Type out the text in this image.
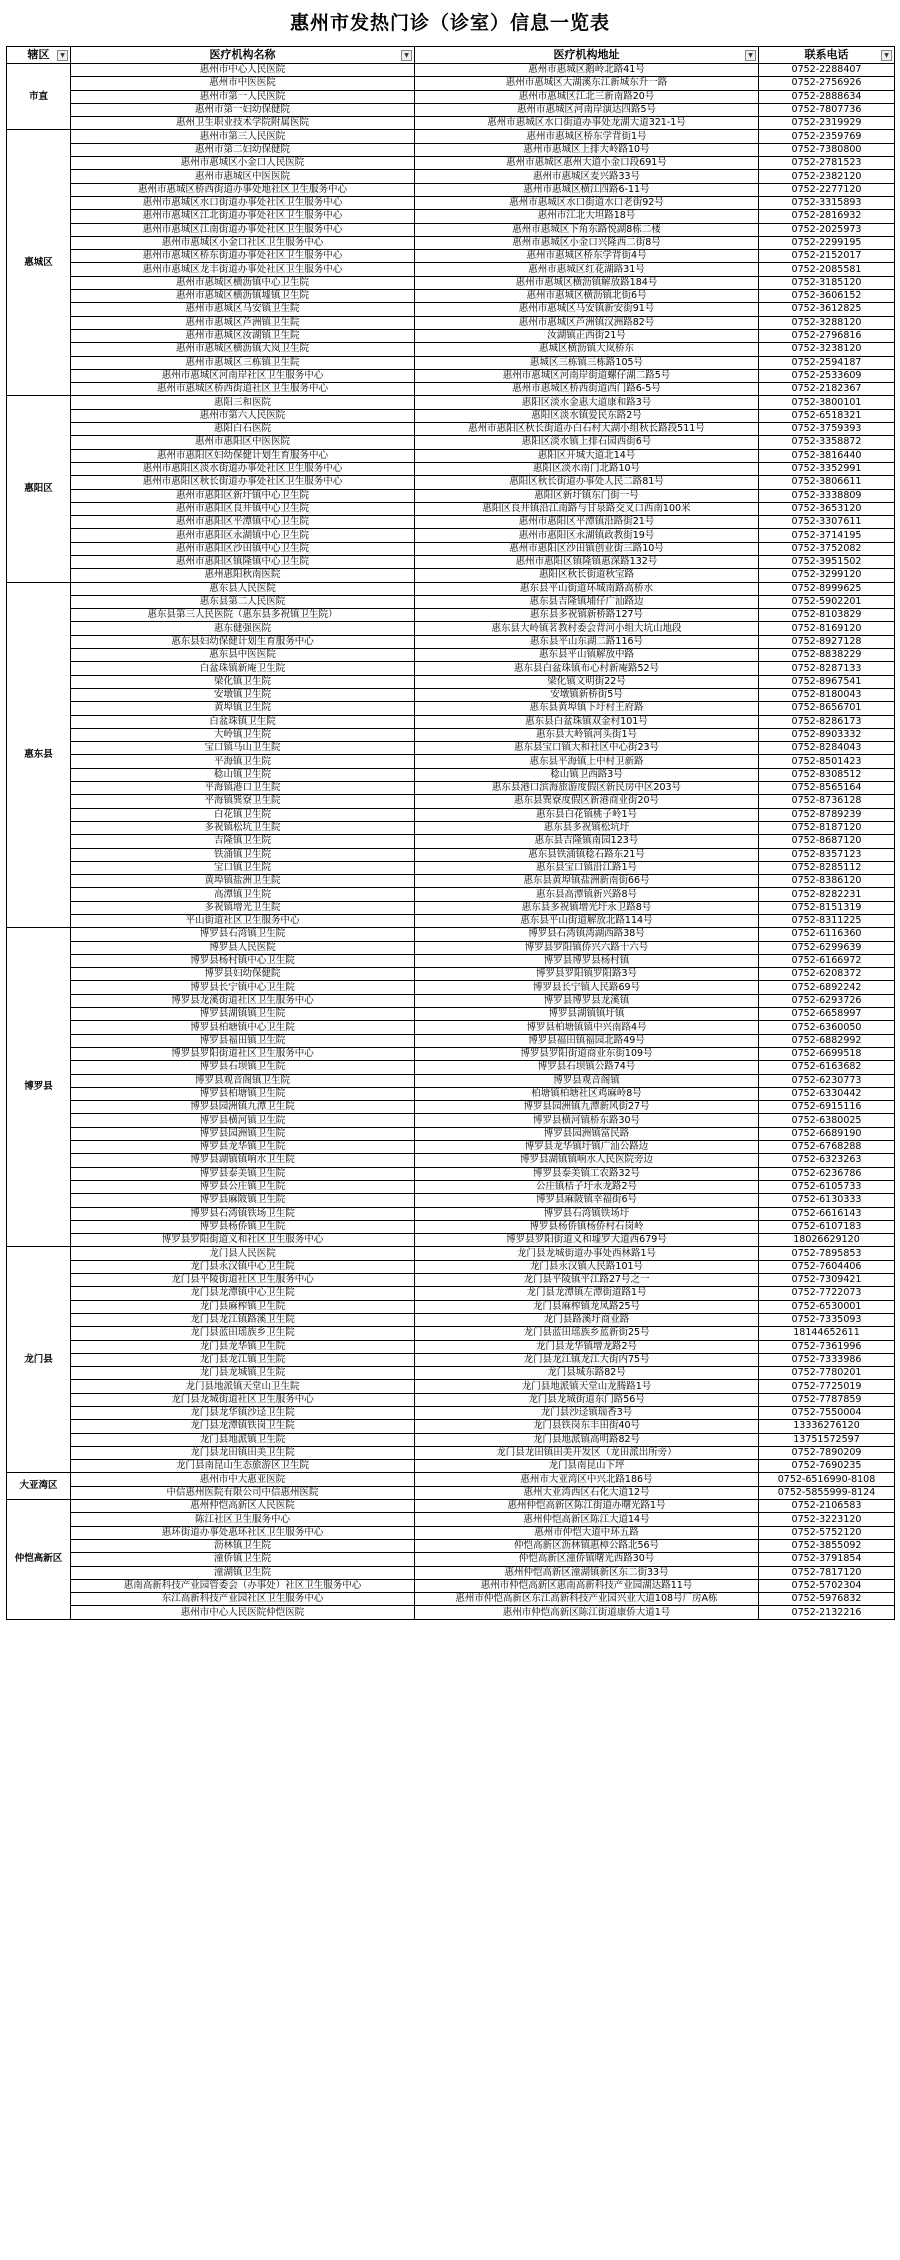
惠州市发热门诊（诊室）信息一览表
辖区 ▼	医疗机构名称 ▼	医疗机构地址 ▼	联系电话 ▼

市直	惠州市中心人民医院	惠州市惠城区鹅岭北路41号	0752-2288407
	惠州市中医医院	惠州市惠城区大湖溪东江新城东升一路	0752-2756926
	惠州市第一人民医院	惠州市惠城区江北三新南路20号	0752-2888634
	惠州市第一妇幼保健院	惠州市惠城区河南岸演达四路5号	0752-7807736
	惠州卫生职业技术学院附属医院	惠州市惠城区水口街道办事处龙湖大道321-1号	0752-2319929
惠城区	惠州市第三人民医院	惠州市惠城区桥东学背街1号	0752-2359769
	惠州市第二妇幼保健院	惠州市惠城区上排大岭路10号	0752-7380800
	惠州市惠城区小金口人民医院	惠州市惠城区惠州大道小金口段691号	0752-2781523
	惠州市惠城区中医医院	惠州市惠城区麦兴路33号	0752-2382120
	惠州市惠城区桥西街道办事处地社区卫生服务中心	惠州市惠城区横江四路6-11号	0752-2277120
	惠州市惠城区水口街道办事处社区卫生服务中心	惠州市惠城区水口街道水口老街92号	0752-3315893
	惠州市惠城区江北街道办事处社区卫生服务中心	惠州市江北大坦路18号	0752-2816932
	惠州市惠城区江南街道办事处社区卫生服务中心	惠州市惠城区下角东路悦湖8栋二楼	0752-2025973
	惠州市惠城区小金口社区卫生服务中心	惠州市惠城区小金口兴隆西二街8号	0752-2299195
	惠州市惠城区桥东街道办事处社区卫生服务中心	惠州市惠城区桥东学背街4号	0752-2152017
	惠州市惠城区龙丰街道办事处社区卫生服务中心	惠州市惠城区红花湖路31号	0752-2085581
	惠州市惠城区横沥镇中心卫生院	惠州市惠城区横沥镇解放路184号	0752-3185120
	惠州市惠城区横沥镇墟镇卫生院	惠州市惠城区横沥镇北街6号	0752-3606152
	惠州市惠城区马安镇卫生院	惠州市惠城区马安镇新安街91号	0752-3612825
	惠州市惠城区芦洲镇卫生院	惠州市惠城区芦洲镇汉洲路82号	0752-3288120
	惠州市惠城区汝湖镇卫生院	汝湖镇正西街21号	0752-2796816
	惠州市惠城区横沥镇大岚卫生院	惠城区横沥镇大岚桥东	0752-3238120
	惠州市惠城区三栋镇卫生院	惠城区三栋镇三栋路105号	0752-2594187
	惠州市惠城区河南岸社区卫生服务中心	惠州市惠城区河南岸街道螺仔湖二路5号	0752-2533609
	惠州市惠城区桥西街道社区卫生服务中心	惠州市惠城区桥西街道西门路6-5号	0752-2182367
惠阳区	惠阳三和医院	惠阳区淡水金惠大道康和路3号	0752-3800101
	惠州市第六人民医院	惠阳区淡水镇爱民东路2号	0752-6518321
	惠阳白石医院	惠州市惠阳区秋长街道办白石村大湖小组秋长路段511号	0752-3759393
	惠州市惠阳区中医医院	惠阳区淡水镇上排石园西街6号	0752-3358872
	惠州市惠阳区妇幼保健计划生育服务中心	惠阳区开城大道北14号	0752-3816440
	惠州市惠阳区淡水街道办事处社区卫生服务中心	惠阳区淡水南门北路10号	0752-3352991
	惠州市惠阳区秋长街道办事处社区卫生服务中心	惠阳区秋长街道办事处人民二路81号	0752-3806611
	惠州市惠阳区新圩镇中心卫生院	惠阳区新圩镇东门街一号	0752-3338809
	惠州市惠阳区良井镇中心卫生院	惠阳区良井镇沿江南路与甘泉路交叉口西南100米	0752-3653120
	惠州市惠阳区平潭镇中心卫生院	惠州市惠阳区平潭镇沿路街21号	0752-3307611
	惠州市惠阳区永湖镇中心卫生院	惠州市惠阳区永湖镇政教街19号	0752-3714195
	惠州市惠阳区沙田镇中心卫生院	惠州市惠阳区沙田镇创业街三路10号	0752-3752082
	惠州市惠阳区镇隆镇中心卫生院	惠州市惠阳区镇隆镇惠深路132号	0752-3951502
	惠州惠阳秋南医院	惠阳区秋长街道秋宝路	0752-3299120
惠东县	惠东县人民医院	惠东县平山街道环城南路高桥水	0752-8999625
	惠东县第二人民医院	惠东县吉隆镇埔仔广汕路边	0752-5902201
	惠东县第三人民医院（惠东县多祝镇卫生院）	惠东县多祝镇新桥路127号	0752-8103829
	惠东健强医院	惠东县大岭镇茗教村委会背河小组大坑山地段	0752-8169120
	惠东县妇幼保健计划生育服务中心	惠东县平山东湖二路116号	0752-8927128
	惠东县中医医院	惠东县平山镇解放中路	0752-8838229
	白盆珠镇新庵卫生院	惠东县白盆珠镇布心村新庵路52号	0752-8287133
	梁化镇卫生院	梁化镇文明街22号	0752-8967541
	安墩镇卫生院	安墩镇新桥街5号	0752-8180043
	黄埠镇卫生院	惠东县黄埠镇下圩村王府路	0752-8656701
	白盆珠镇卫生院	惠东县白盆珠镇双金村101号	0752-8286173
	大岭镇卫生院	惠东县大岭镇河头街1号	0752-8903332
	宝口镇马山卫生院	惠东县宝口镇大和社区中心街23号	0752-8284043
	平海镇卫生院	惠东县平海镇上中村卫新路	0752-8501423
	稔山镇卫生院	稔山镇卫西路3号	0752-8308512
	平海镇港口卫生院	惠东县港口滨海旅游度假区新民房中区203号	0752-8565164
	平海镇巽寮卫生院	惠东县巽寮度假区新港商业街20号	0752-8736128
	白花镇卫生院	惠东县白花镇桃子岭1号	0752-8789239
	多祝镇松坑卫生院	惠东县多祝镇松坑圩	0752-8187120
	吉隆镇卫生院	惠东县吉隆镇南园123号	0752-8687120
	铁涌镇卫生院	惠东县铁涌镇稔石路东21号	0752-8357123
	宝口镇卫生院	惠东县宝口镇沿江路1号	0752-8285112
	黄埠镇盐洲卫生院	惠东县黄埠镇盐洲新南街66号	0752-8386120
	高潭镇卫生院	惠东县高潭镇新兴路8号	0752-8282231
	多祝镇增光卫生院	惠东县多祝镇增光圩永卫路8号	0752-8151319
	平山街道社区卫生服务中心	惠东县平山街道解放北路114号	0752-8311225
博罗县	博罗县石湾镇卫生院	博罗县石湾镇湾湖西路38号	0752-6116360
	博罗县人民医院	博罗县罗阳镇侨兴六路十六号	0752-6299639
	博罗县杨村镇中心卫生院	博罗县博罗县杨村镇	0752-6166972
	博罗县妇幼保健院	博罗县罗阳镇罗阳路3号	0752-6208372
	博罗县长宁镇中心卫生院	博罗县长宁镇人民路69号	0752-6892242
	博罗县龙溪街道社区卫生服务中心	博罗县博罗县龙溪镇	0752-6293726
	博罗县湖镇镇卫生院	博罗县湖镇镇圩镇	0752-6658997
	博罗县柏塘镇中心卫生院	博罗县柏塘镇镇中兴南路4号	0752-6360050
	博罗县福田镇卫生院	博罗县福田镇福园北路49号	0752-6882992
	博罗县罗阳街道社区卫生服务中心	博罗县罗阳街道商业东街109号	0752-6699518
	博罗县石坝镇卫生院	博罗县石坝镇公路74号	0752-6163682
	博罗县观音阁镇卫生院	博罗县观音阁镇	0752-6230773
	博罗县柏塘镇卫生院	柏塘镇柏塘社区鸡麻岭8号	0752-6330442
	博罗县园洲镇九潭卫生院	博罗县园洲镇九潭新风街27号	0752-6915116
	博罗县横河镇卫生院	博罗县横河镇桥东路30号	0752-6380025
	博罗县园洲镇卫生院	博罗县园洲镇富民路	0752-6689190
	博罗县龙华镇卫生院	博罗县龙华镇圩镇广汕公路边	0752-6768288
	博罗县湖镇镇响水卫生院	博罗县湖镇镇响水人民医院旁边	0752-6323263
	博罗县泰美镇卫生院	博罗县泰美镇工农路32号	0752-6236786
	博罗县公庄镇卫生院	公庄镇桔子圩永龙路2号	0752-6105733
	博罗县麻陂镇卫生院	博罗县麻陂镇幸福街6号	0752-6130333
	博罗县石湾镇铁场卫生院	博罗县石湾镇铁场圩	0752-6616143
	博罗县杨侨镇卫生院	博罗县杨侨镇杨侨村石岗岭	0752-6107183
	博罗县罗阳街道义和社区卫生服务中心	博罗县罗阳街道义和墟罗大道西679号	18026629120
龙门县	龙门县人民医院	龙门县龙城街道办事处西林路1号	0752-7895853
	龙门县永汉镇中心卫生院	龙门县永汉镇人民路101号	0752-7604406
	龙门县平陵街道社区卫生服务中心	龙门县平陵镇平江路27号之一	0752-7309421
	龙门县龙潭镇中心卫生院	龙门县龙潭镇左潭街道路1号	0752-7722073
	龙门县麻榨镇卫生院	龙门县麻榨镇龙凤路25号	0752-6530001
	龙门县龙江镇路溪卫生院	龙门县路溪圩商业路	0752-7335093
	龙门县蓝田瑶族乡卫生院	龙门县蓝田瑶族乡蓝新街25号	18144652611
	龙门县龙华镇卫生院	龙门县龙华镇增龙路2号	0752-7361996
	龙门县龙江镇卫生院	龙门县龙江镇龙江大街内75号	0752-7333986
	龙门县龙城镇卫生院	龙门县城东路82号	0752-7780201
	龙门县地派镇天堂山卫生院	龙门县地派镇天堂山龙腾路1号	0752-7725019
	龙门县龙城街道社区卫生服务中心	龙门县龙城街道东门路56号	0752-7787859
	龙门县龙华镇沙迳卫生院	龙门县沙迳镇瑞香3号	0752-7550004
	龙门县龙潭镇铁岗卫生院	龙门县铁岗东丰田街40号	13336276120
	龙门县地派镇卫生院	龙门县地派镇高明路82号	13751572597
	龙门县龙田镇田美卫生院	龙门县龙田镇田美开发区（龙田派出所旁）	0752-7890209
	龙门县南昆山生态旅游区卫生院	龙门县南昆山下坪	0752-7690235
大亚湾区	惠州市中大惠亚医院	惠州市大亚湾区中兴北路186号	0752-6516990-8108
	中信惠州医院有限公司中信惠州医院	惠州大亚湾西区石化大道12号	0752-5855999-8124
仲恺高新区	惠州仲恺高新区人民医院	惠州仲恺高新区陈江街道办曙光路1号	0752-2106583
	陈江社区卫生服务中心	惠州仲恺高新区陈江大道14号	0752-3223120
	惠环街道办事处惠环社区卫生服务中心	惠州市仲恺大道中环五路	0752-5752120
	沥林镇卫生院	仲恺高新区沥林镇惠樟公路北56号	0752-3855092
	潼侨镇卫生院	仲恺高新区潼侨镇曙光西路30号	0752-3791854
	潼湖镇卫生院	惠州仲恺高新区潼湖镇新区东二街33号	0752-7817120
	惠南高新科技产业园管委会（办事处）社区卫生服务中心	惠州市仲恺高新区惠南高新科技产业园湖达路11号	0752-5702304
	东江高新科技产业园社区卫生服务中心	惠州市仲恺高新区东江高新科技产业园兴业大道108号厂房A栋	0752-5976832
	惠州市中心人民医院仲恺医院	惠州市仲恺高新区陈江街道康侨大道1号	0752-2132216
